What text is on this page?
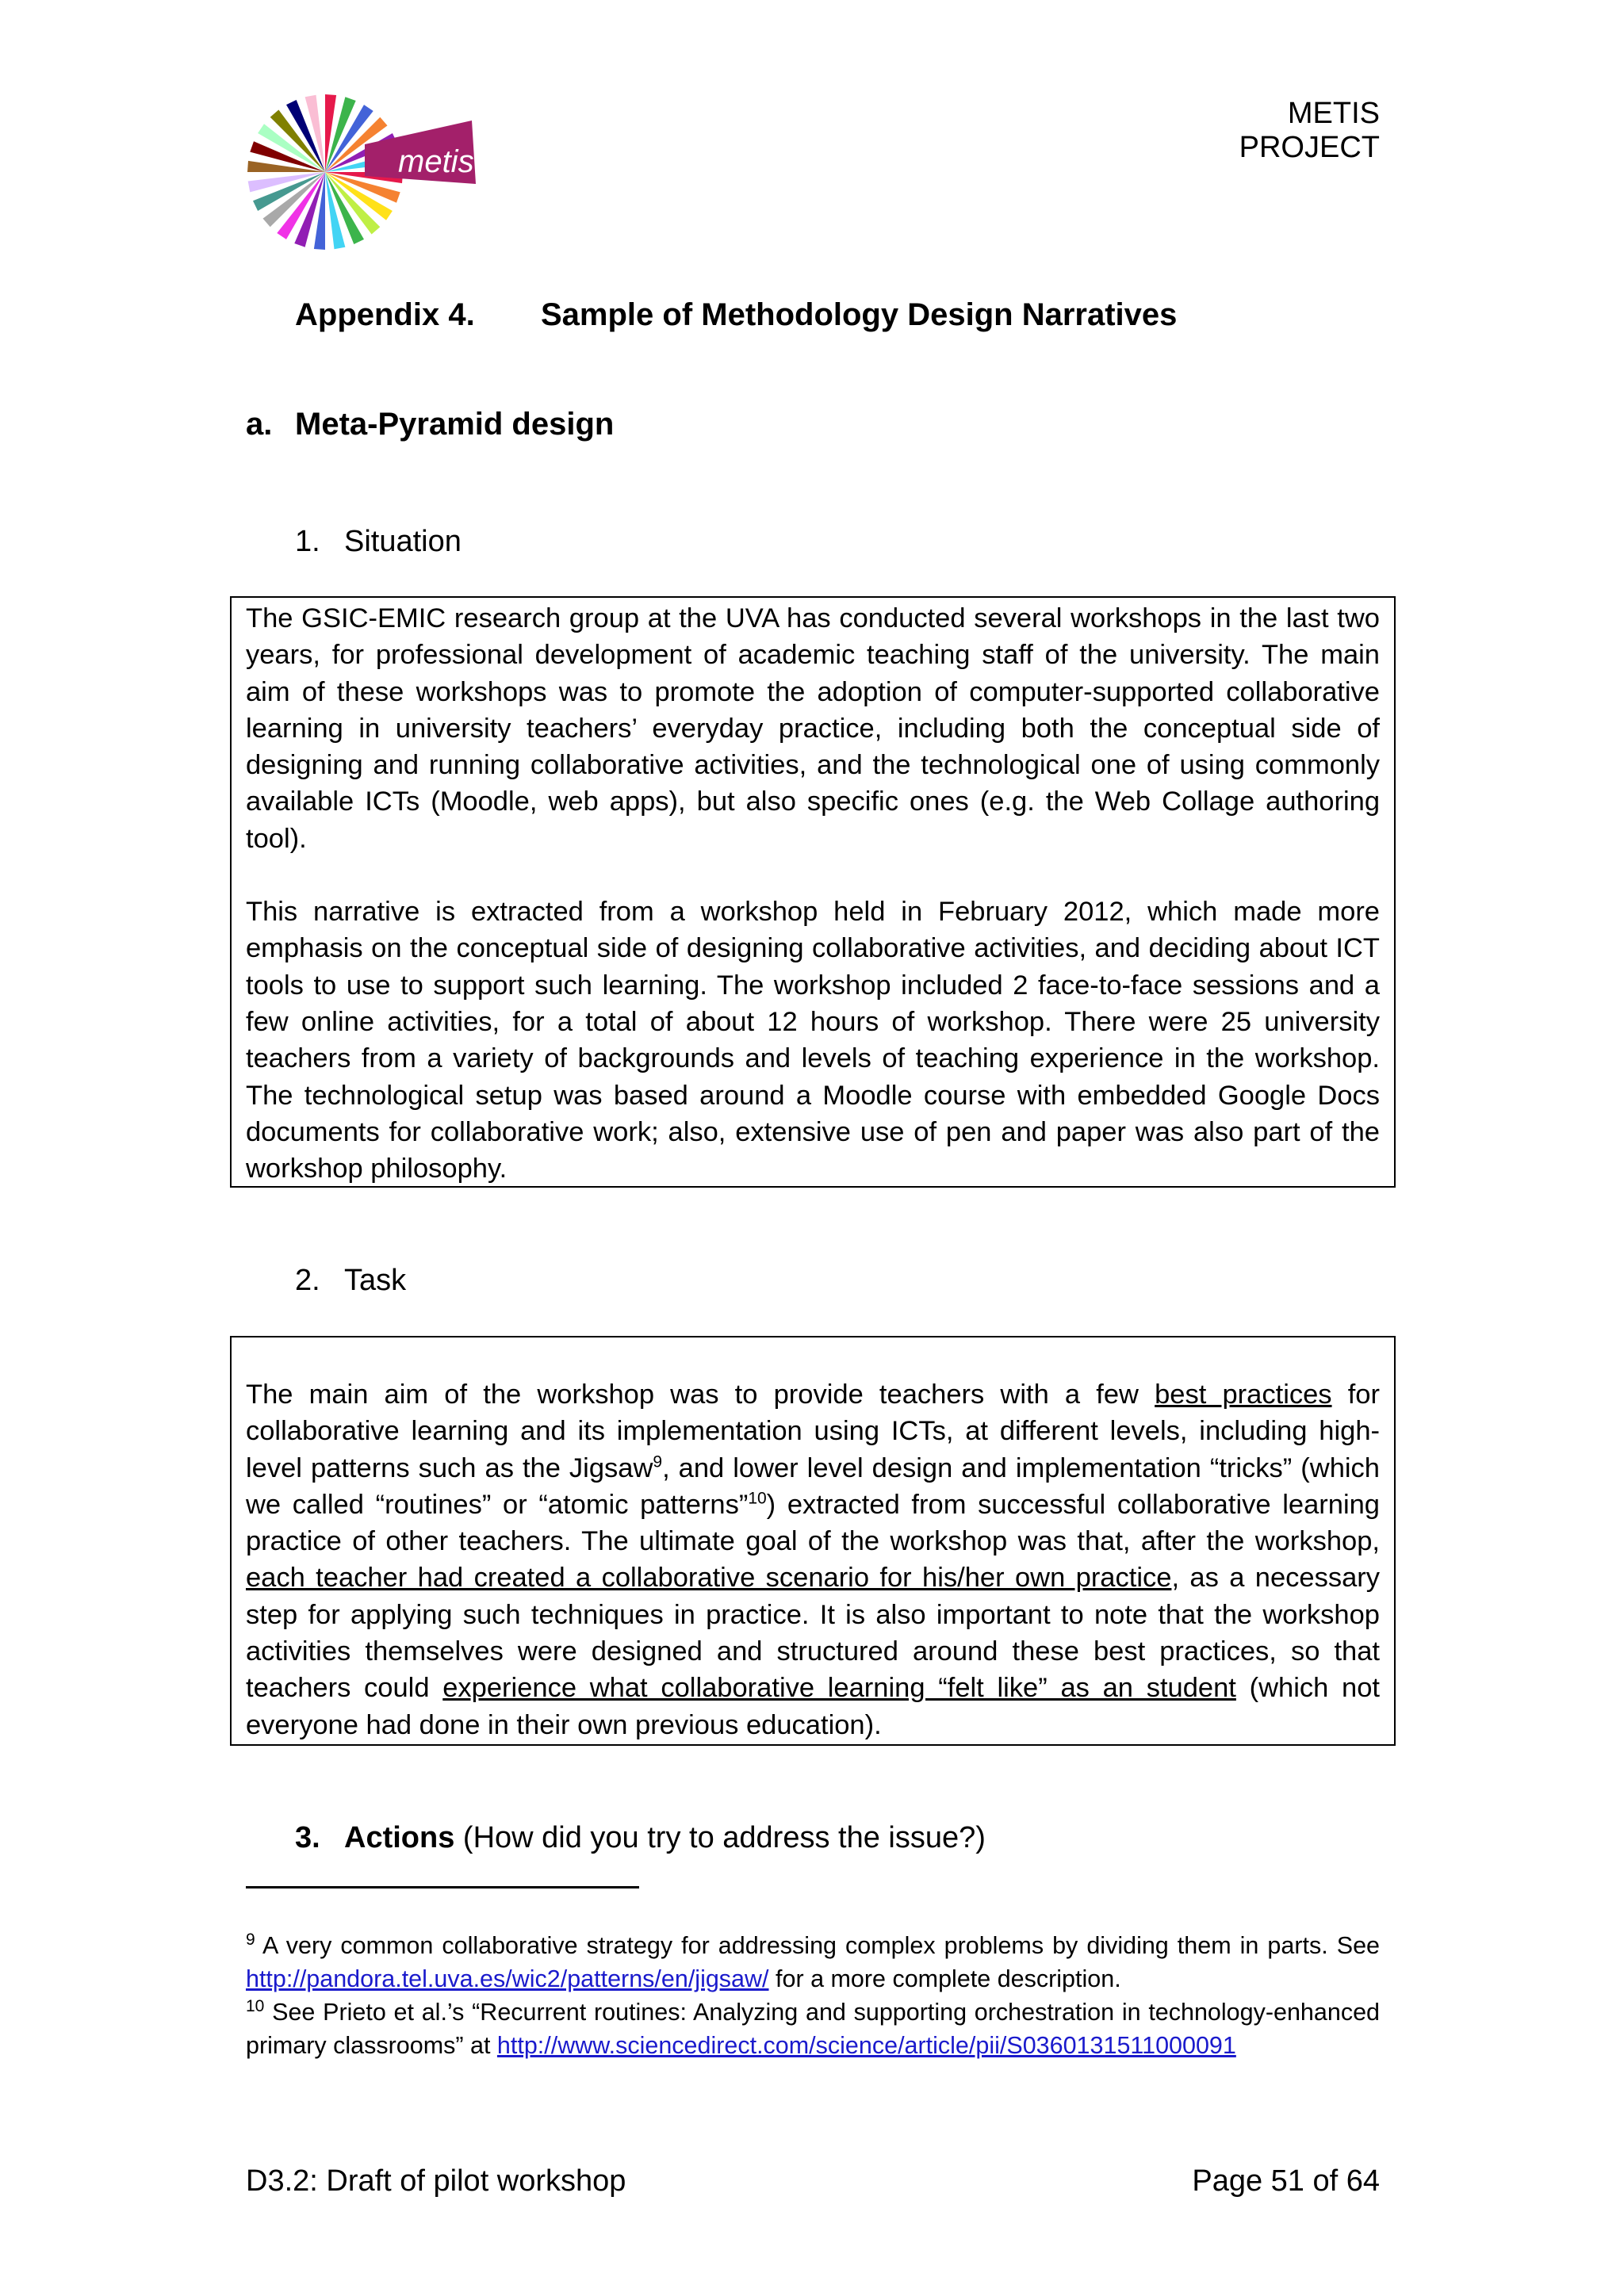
metis
METIS PROJECT
Appendix 4. Sample of Methodology Design Narratives
a. Meta-Pyramid design
1. Situation

The GSIC-EMIC research group at the UVA has conducted several workshops in the last two years, for professional development of academic teaching staff of the university. The main aim of these workshops was to promote the adoption of computer-supported collaborative learning in university teachers’ everyday practice, including both the conceptual side of designing and running collaborative activities, and the technological one of using commonly available ICTs (Moodle, web apps), but also specific ones (e.g. the Web Collage authoring tool).

This narrative is extracted from a workshop held in February 2012, which made more emphasis on the conceptual side of designing collaborative activities, and deciding about ICT tools to use to support such learning. The workshop included 2 face-to-face sessions and a few online activities, for a total of about 12 hours of workshop. There were 25 university teachers from a variety of backgrounds and levels of teaching experience in the workshop. The technological setup was based around a Moodle course with embedded Google Docs documents for collaborative work; also, extensive use of pen and paper was also part of the workshop philosophy.

2. Task

The main aim of the workshop was to provide teachers with a few best practices for collaborative learning and its implementation using ICTs, at different levels, including high-level patterns such as the Jigsaw$^9$, and lower level design and implementation “tricks” (which we called “routines” or “atomic patterns”$^{10}$) extracted from successful collaborative learning practice of other teachers. The ultimate goal of the workshop was that, after the workshop, each teacher had created a collaborative scenario for his/her own practice, as a necessary step for applying such techniques in practice. It is also important to note that the workshop activities themselves were designed and structured around these best practices, so that teachers could experience what collaborative learning “felt like” as an student (which not everyone had done in their own previous education).

3. Actions (How did you try to address the issue?)

$^9$ A very common collaborative strategy for addressing complex problems by dividing them in parts. See http://pandora.tel.uva.es/wic2/patterns/en/jigsaw/ for a more complete description.

$^{10}$ See Prieto et al.’s “Recurrent routines: Analyzing and supporting orchestration in technology-enhanced primary classrooms” at http://www.sciencedirect.com/science/article/pii/S0360131511000091

D3.2: Draft of pilot workshop	Page 51 of 64
